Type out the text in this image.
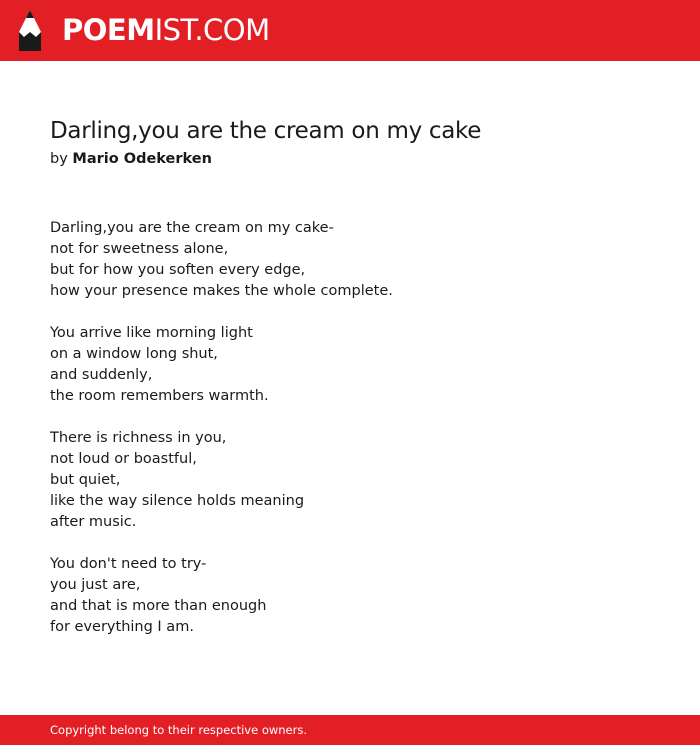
POEMIST.COM
Darling,you are the cream on my cake
by Mario Odekerken
Darling,you are the cream on my cake-
not for sweetness alone,
but for how you soften every edge,
how your presence makes the whole complete.
You arrive like morning light
on a window long shut,
and suddenly,
the room remembers warmth.
There is richness in you,
not loud or boastful,
but quiet,
like the way silence holds meaning
after music.
You don't need to try-
you just are,
and that is more than enough
for everything I am.
Copyright belong to their respective owners.
